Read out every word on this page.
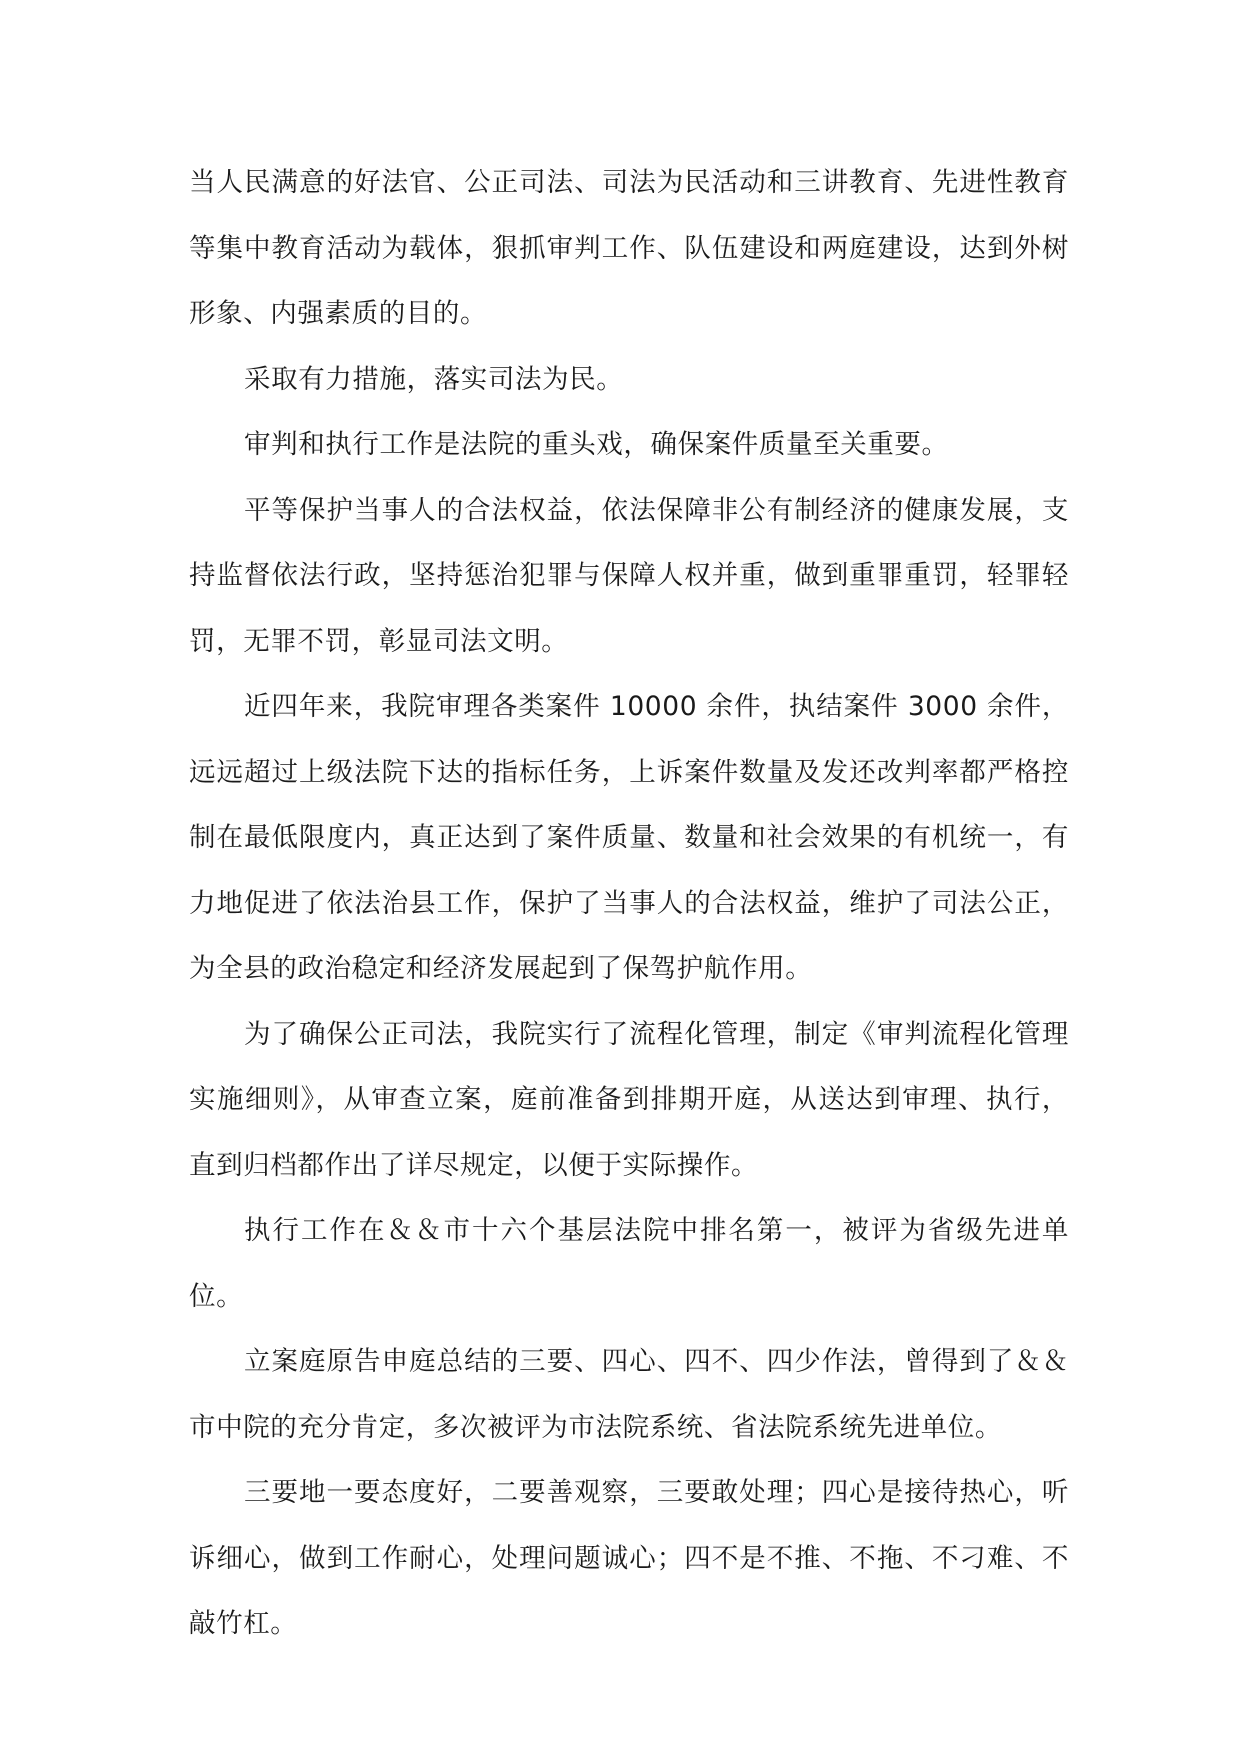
当人民满意的好法官、公正司法、司法为民活动和三讲教育、先进性教育等集中教育活动为载体，狠抓审判工作、队伍建设和两庭建设，达到外树形象、内强素质的目的。

采取有力措施，落实司法为民。

审判和执行工作是法院的重头戏，确保案件质量至关重要。

平等保护当事人的合法权益，依法保障非公有制经济的健康发展，支持监督依法行政，坚持惩治犯罪与保障人权并重，做到重罪重罚，轻罪轻罚，无罪不罚，彰显司法文明。

近四年来，我院审理各类案件 10000 余件，执结案件 3000 余件，远远超过上级法院下达的指标任务，上诉案件数量及发还改判率都严格控制在最低限度内，真正达到了案件质量、数量和社会效果的有机统一，有力地促进了依法治县工作，保护了当事人的合法权益，维护了司法公正，为全县的政治稳定和经济发展起到了保驾护航作用。

为了确保公正司法，我院实行了流程化管理，制定《审判流程化管理实施细则》，从审查立案，庭前准备到排期开庭，从送达到审理、执行，直到归档都作出了详尽规定，以便于实际操作。

执行工作在＆＆市十六个基层法院中排名第一，被评为省级先进单位。

立案庭原告申庭总结的三要、四心、四不、四少作法，曾得到了＆＆市中院的充分肯定，多次被评为市法院系统、省法院系统先进单位。

三要地一要态度好，二要善观察，三要敢处理；四心是接待热心，听诉细心，做到工作耐心，处理问题诚心；四不是不推、不拖、不刁难、不敲竹杠。
